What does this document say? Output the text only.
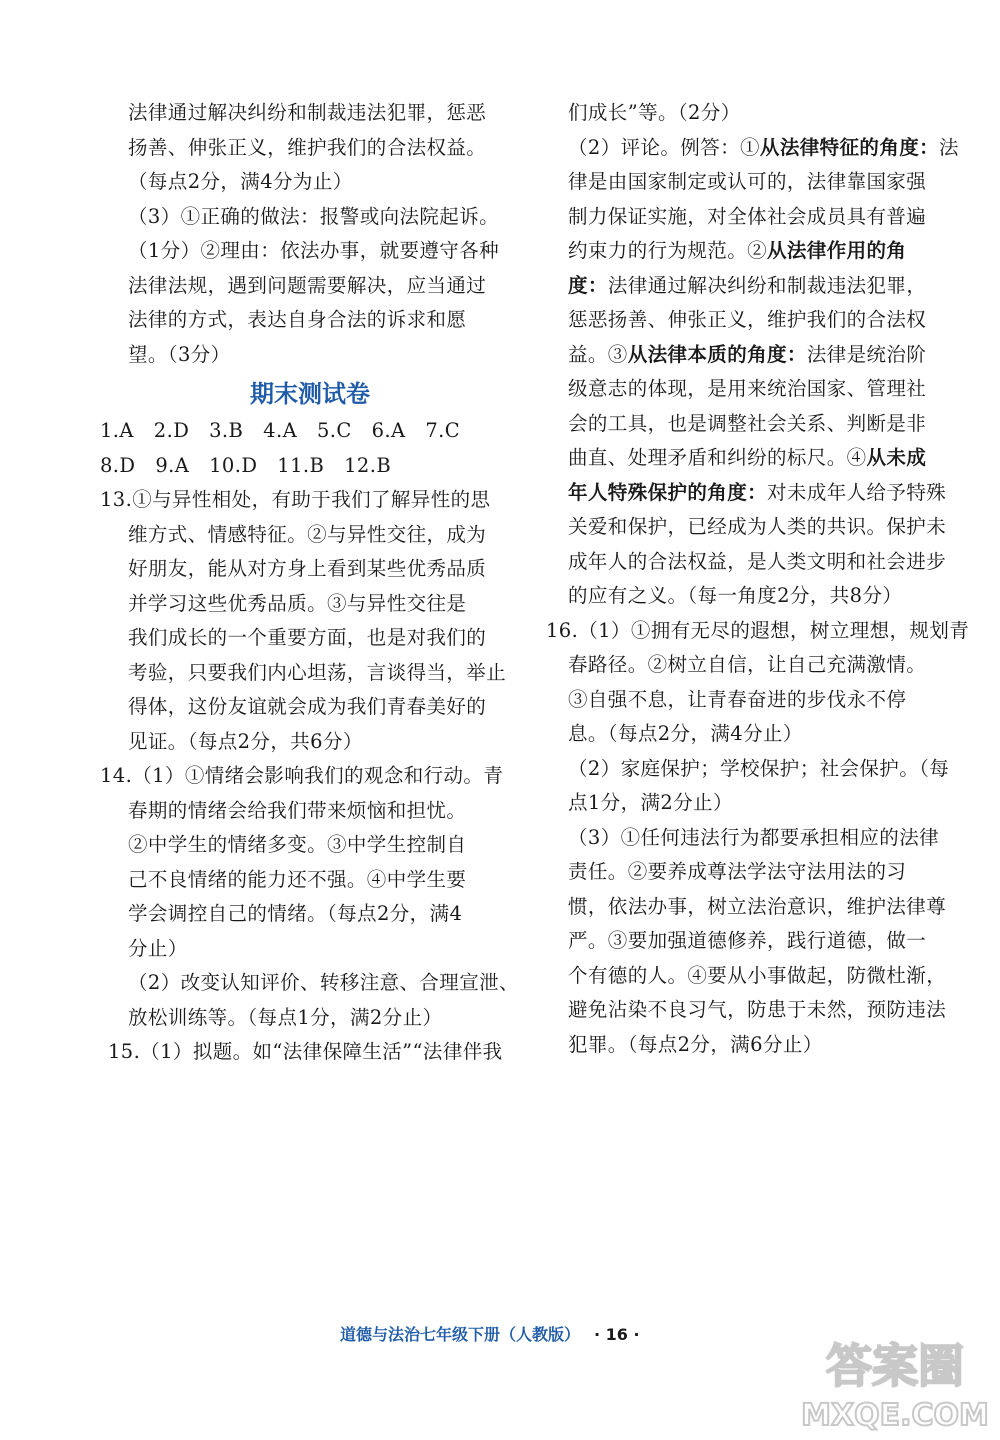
法律通过解决纠纷和制裁违法犯罪，惩恶
扬善、伸张正义，维护我们的合法权益。
（每点2分，满4分为止）
（3）①正确的做法：报警或向法院起诉。
（1分）②理由：依法办事，就要遵守各种
法律法规，遇到问题需要解决，应当通过
法律的方式，表达自身合法的诉求和愿
望。（3分）
期末测试卷
1.A　2.D　3.B　4.A　5.C　6.A　7.C
8.D　9.A　10.D　11.B　12.B
13.①与异性相处，有助于我们了解异性的思
维方式、情感特征。②与异性交往，成为
好朋友，能从对方身上看到某些优秀品质
并学习这些优秀品质。③与异性交往是
我们成长的一个重要方面，也是对我们的
考验，只要我们内心坦荡，言谈得当，举止
得体，这份友谊就会成为我们青春美好的
见证。（每点2分，共6分）
14.（1）①情绪会影响我们的观念和行动。青
春期的情绪会给我们带来烦恼和担忧。
②中学生的情绪多变。③中学生控制自
己不良情绪的能力还不强。④中学生要
学会调控自己的情绪。（每点2分，满4
分止）
（2）改变认知评价、转移注意、合理宣泄、
放松训练等。（每点1分，满2分止）
15.（1）拟题。如“法律保障生活”“法律伴我
们成长”等。（2分）
（2）评论。例答：①从法律特征的角度：法
律是由国家制定或认可的，法律靠国家强
制力保证实施，对全体社会成员具有普遍
约束力的行为规范。②从法律作用的角
度：法律通过解决纠纷和制裁违法犯罪，
惩恶扬善、伸张正义，维护我们的合法权
益。③从法律本质的角度：法律是统治阶
级意志的体现，是用来统治国家、管理社
会的工具，也是调整社会关系、判断是非
曲直、处理矛盾和纠纷的标尺。④从未成
年人特殊保护的角度：对未成年人给予特殊
关爱和保护，已经成为人类的共识。保护未
成年人的合法权益，是人类文明和社会进步
的应有之义。（每一角度2分，共8分）
16.（1）①拥有无尽的遐想，树立理想，规划青
春路径。②树立自信，让自己充满激情。
③自强不息，让青春奋进的步伐永不停
息。（每点2分，满4分止）
（2）家庭保护；学校保护；社会保护。（每
点1分，满2分止）
（3）①任何违法行为都要承担相应的法律
责任。②要养成尊法学法守法用法的习
惯，依法办事，树立法治意识，维护法律尊
严。③要加强道德修养，践行道德，做一
个有德的人。④要从小事做起，防微杜渐，
避免沾染不良习气，防患于未然，预防违法
犯罪。（每点2分，满6分止）
道德与法治七年级下册（人教版） · 16 ·
答案圈
MXQE.COM
